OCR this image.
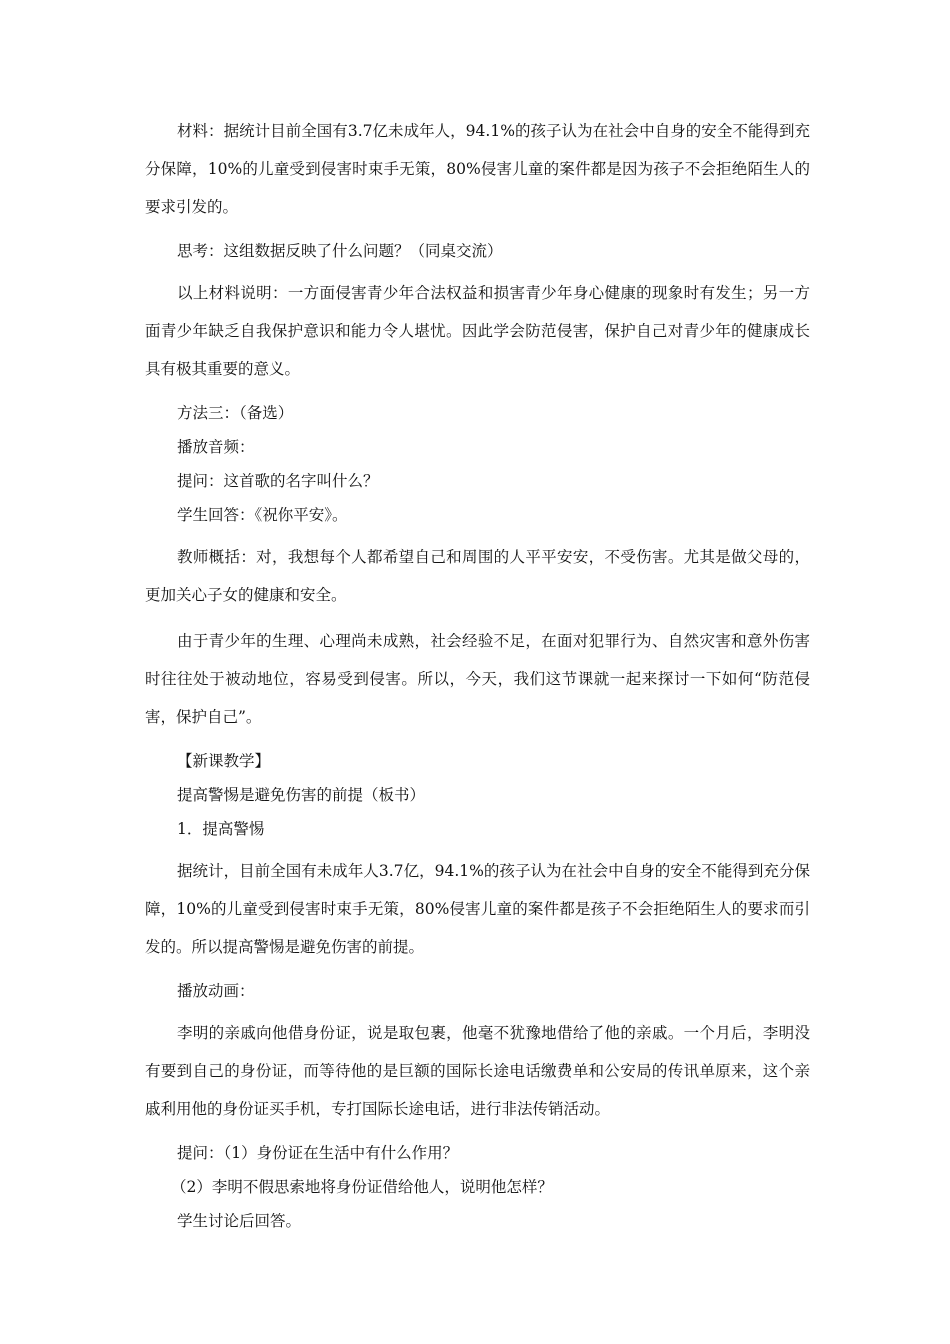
材料：据统计目前全国有3.7亿未成年人，94.1%的孩子认为在社会中自身的安全不能得到充分保障，10%的儿童受到侵害时束手无策，80%侵害儿童的案件都是因为孩子不会拒绝陌生人的要求引发的。

思考：这组数据反映了什么问题？（同桌交流）

以上材料说明：一方面侵害青少年合法权益和损害青少年身心健康的现象时有发生；另一方面青少年缺乏自我保护意识和能力令人堪忧。因此学会防范侵害，保护自己对青少年的健康成长具有极其重要的意义。

方法三：（备选）

播放音频：

提问：这首歌的名字叫什么？

学生回答：《祝你平安》。

教师概括：对，我想每个人都希望自己和周围的人平平安安，不受伤害。尤其是做父母的，更加关心子女的健康和安全。

由于青少年的生理、心理尚未成熟，社会经验不足，在面对犯罪行为、自然灾害和意外伤害时往往处于被动地位，容易受到侵害。所以，今天，我们这节课就一起来探讨一下如何“防范侵害，保护自己”。

【新课教学】

提高警惕是避免伤害的前提（板书）

1．提高警惕

据统计，目前全国有未成年人3.7亿，94.1%的孩子认为在社会中自身的安全不能得到充分保障，10%的儿童受到侵害时束手无策，80%侵害儿童的案件都是孩子不会拒绝陌生人的要求而引发的。所以提高警惕是避免伤害的前提。

播放动画：

李明的亲戚向他借身份证，说是取包裹，他毫不犹豫地借给了他的亲戚。一个月后，李明没有要到自己的身份证，而等待他的是巨额的国际长途电话缴费单和公安局的传讯单原来，这个亲戚利用他的身份证买手机，专打国际长途电话，进行非法传销活动。

提问：（1）身份证在生活中有什么作用？

（2）李明不假思索地将身份证借给他人，说明他怎样？

学生讨论后回答。
